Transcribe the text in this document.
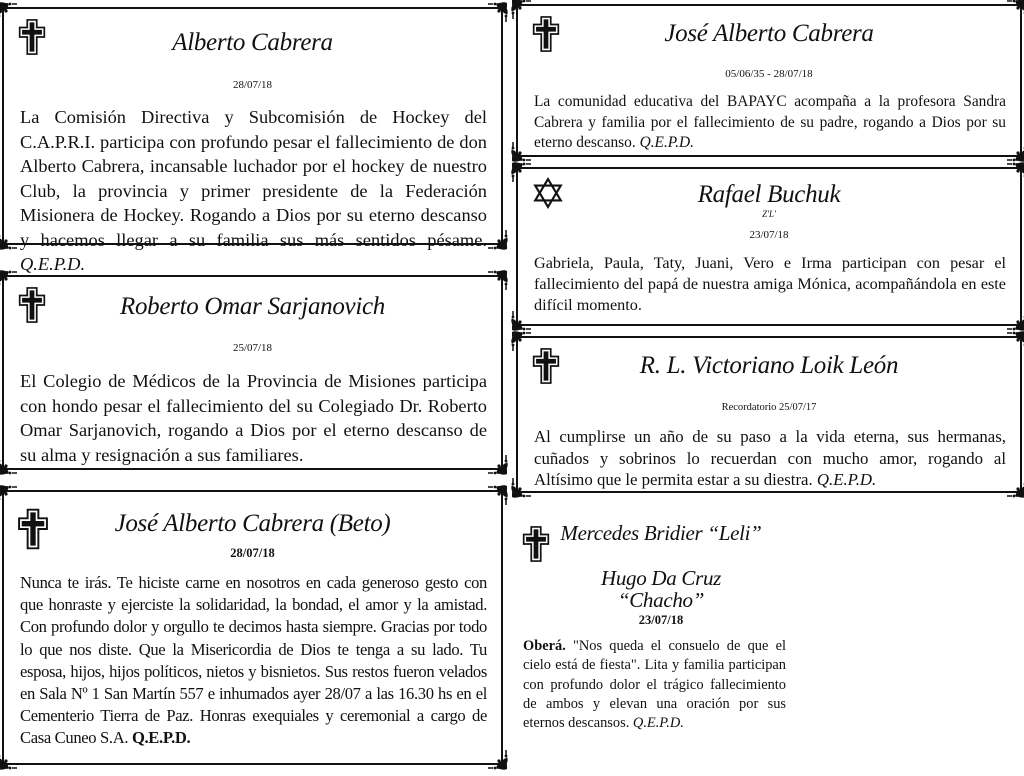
Alberto Cabrera
28/07/18
La Comisión Directiva y Subcomisión de Hockey del C.A.P.R.I. participa con profundo pesar el fallecimiento de don Alberto Cabrera, incansable luchador por el hockey de nuestro Club, la provincia y primer presidente de la Federación Misionera de Hockey. Rogando a Dios por su eterno descanso y hacemos llegar a su familia sus más sentidos pésame. Q.E.P.D.
Roberto Omar Sarjanovich
25/07/18
El Colegio de Médicos de la Provincia de Misiones participa con hondo pesar el fallecimiento del su Colegiado Dr. Roberto Omar Sarjanovich, rogando a Dios por el eterno descanso de su alma y resignación a sus familiares.
José Alberto Cabrera (Beto)
28/07/18
Nunca te irás. Te hiciste carne en nosotros en cada generoso gesto con que honraste y ejerciste la solidaridad, la bondad, el amor y la amistad. Con profundo dolor y orgullo te decimos hasta siempre. Gracias por todo lo que nos diste. Que la Misericordia de Dios te tenga a su lado. Tu esposa, hijos, hijos políticos, nietos y bisnietos. Sus restos fueron velados en Sala Nº 1 San Martín 557 e inhumados ayer 28/07 a las 16.30 hs en el Cementerio Tierra de Paz. Honras exequiales y ceremonial a cargo de Casa Cuneo S.A. Q.E.P.D.
José Alberto Cabrera
05/06/35 - 28/07/18
La comunidad educativa del BAPAYC acompaña a la profesora Sandra Cabrera y familia por el fallecimiento de su padre, rogando a Dios por su eterno descanso. Q.E.P.D.
Rafael Buchuk
Z'L'
23/07/18
Gabriela, Paula, Taty, Juani, Vero e Irma participan con pesar el fallecimiento del papá de nuestra amiga Mónica, acompañándola en este difícil momento.
R. L. Victoriano Loik León
Recordatorio 25/07/17
Al cumplirse un año de su paso a la vida eterna, sus hermanas, cuñados y sobrinos lo recuerdan con mucho amor, rogando al Altísimo que le permita estar a su diestra. Q.E.P.D.
Mercedes Bridier “Leli”
Hugo Da Cruz “Chacho”
23/07/18
Oberá. "Nos queda el consuelo de que el cielo está de fiesta". Lita y familia participan con profundo dolor el trágico fallecimiento de ambos y elevan una oración por sus eternos descansos. Q.E.P.D.
